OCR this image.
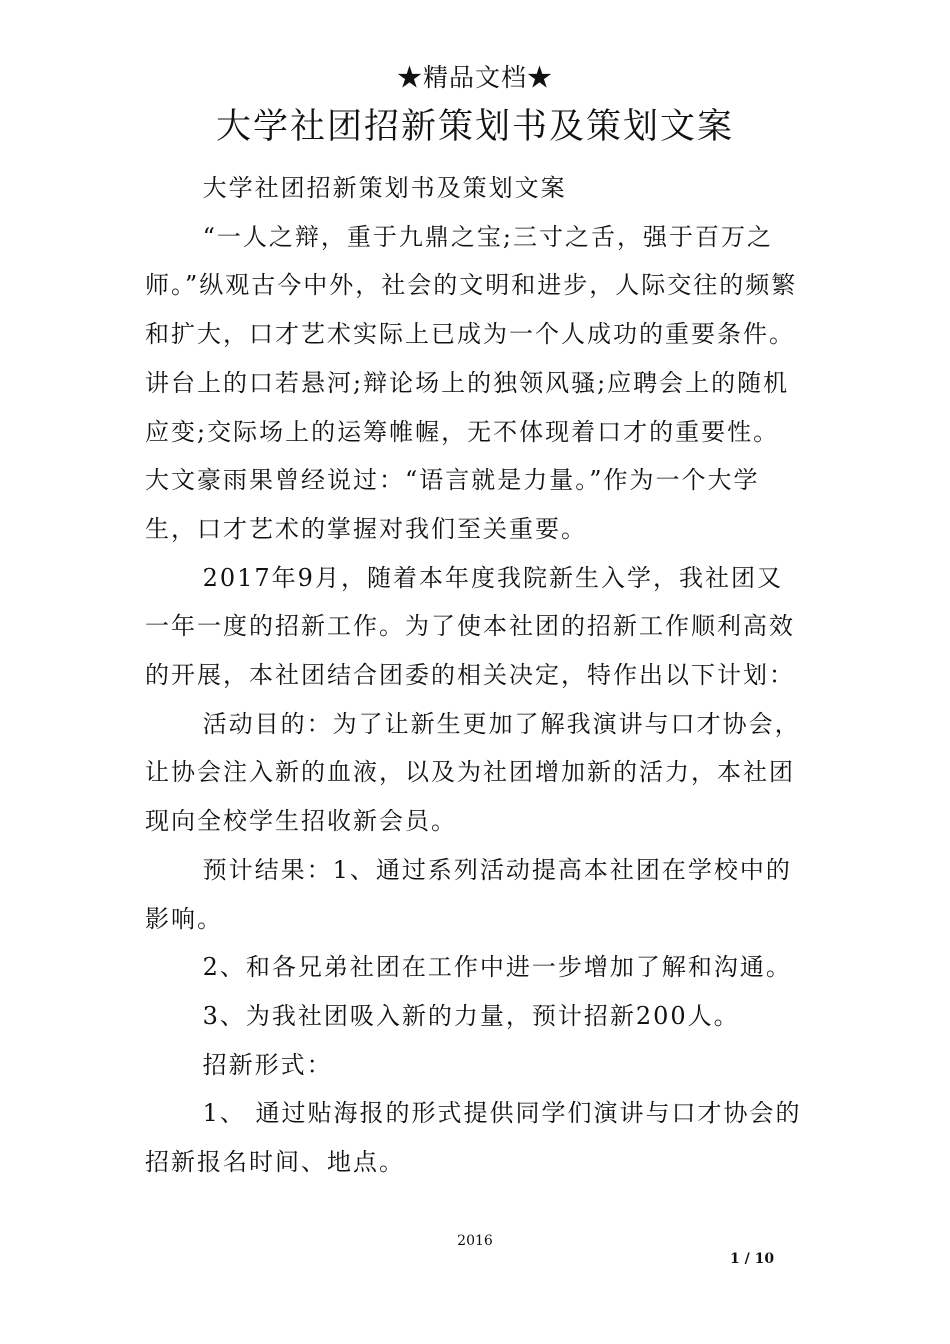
★精品文档★
大学社团招新策划书及策划文案

大学社团招新策划书及策划文案

“一人之辩，重于九鼎之宝;三寸之舌，强于百万之师。”纵观古今中外，社会的文明和进步，人际交往的频繁和扩大，口才艺术实际上已成为一个人成功的重要条件。讲台上的口若悬河;辩论场上的独领风骚;应聘会上的随机应变;交际场上的运筹帷幄，无不体现着口才的重要性。大文豪雨果曾经说过：“语言就是力量。”作为一个大学生，口才艺术的掌握对我们至关重要。

2017年9月，随着本年度我院新生入学，我社团又一年一度的招新工作。为了使本社团的招新工作顺利高效的开展，本社团结合团委的相关决定，特作出以下计划：

活动目的：为了让新生更加了解我演讲与口才协会，让协会注入新的血液，以及为社团增加新的活力，本社团现向全校学生招收新会员。

预计结果：1、通过系列活动提高本社团在学校中的影响。

2、和各兄弟社团在工作中进一步增加了解和沟通。

3、为我社团吸入新的力量，预计招新200人。

招新形式：

1、 通过贴海报的形式提供同学们演讲与口才协会的招新报名时间、地点。

2016
1 / 10
